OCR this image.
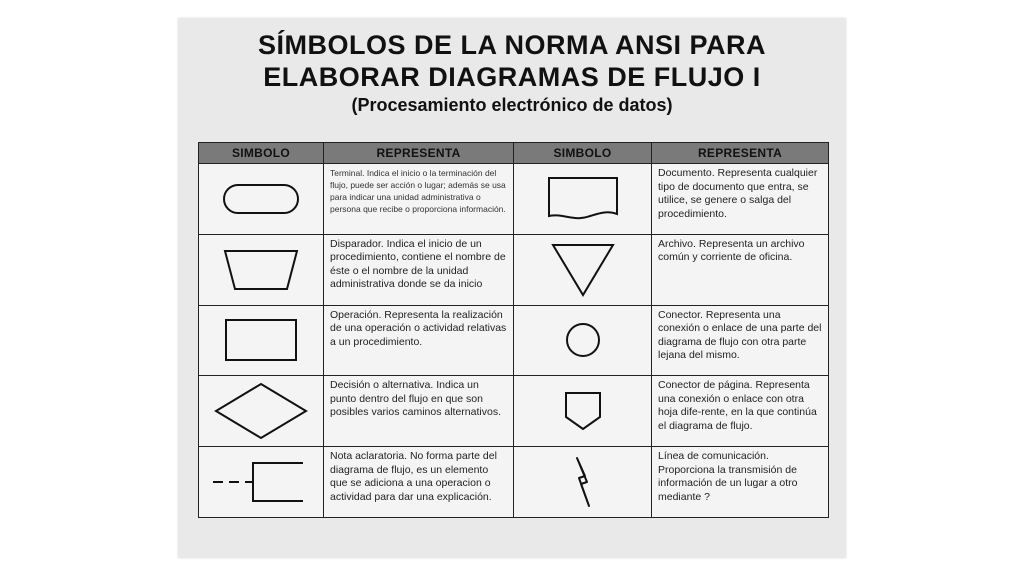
SÍMBOLOS DE LA NORMA ANSI PARA
ELABORAR DIAGRAMAS DE FLUJO I
(Procesamiento electrónico de datos)
SIMBOLO	REPRESENTA	SIMBOLO	REPRESENTA

	Terminal. Indica el inicio o la terminación del flujo, puede ser acción o lugar; además se usa para indicar una unidad administrativa o persona que recibe o proporciona información.		Documento. Representa cualquier tipo de documento que entra, se utilice, se genere o salga del procedimiento.

	Disparador. Indica el inicio de un procedimiento, contiene el nombre de éste o el nombre de la unidad administrativa donde se da inicio		Archivo. Representa un archivo común y corriente de oficina.

	Operación. Representa la realización de una operación o actividad relativas a un procedimiento.		Conector. Representa una conexión o enlace de una parte del diagrama de flujo con otra parte lejana del mismo.

	Decisión o alternativa. Indica un punto dentro del flujo en que son posibles varios caminos alternativos.		Conector de página. Representa una conexión o enlace con otra hoja dife-rente, en la que continúa el diagrama de flujo.

	Nota aclaratoria. No forma parte del diagrama de flujo, es un elemento que se adiciona a una operacion o actividad para dar una explicación.		Línea de comunicación. Proporciona la transmisión de información de un lugar a otro mediante ?
